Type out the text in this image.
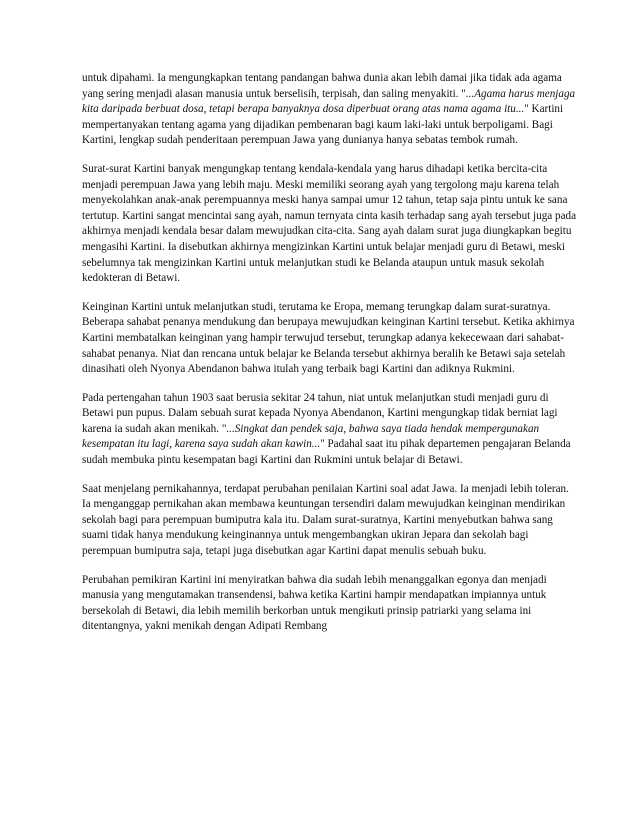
untuk dipahami. Ia mengungkapkan tentang pandangan bahwa dunia akan lebih damai jika tidak ada agama yang sering menjadi alasan manusia untuk berselisih, terpisah, dan saling menyakiti. "...Agama harus menjaga kita daripada berbuat dosa, tetapi berapa banyaknya dosa diperbuat orang atas nama agama itu..." Kartini mempertanyakan tentang agama yang dijadikan pembenaran bagi kaum laki-laki untuk berpoligami. Bagi Kartini, lengkap sudah penderitaan perempuan Jawa yang dunianya hanya sebatas tembok rumah.

Surat-surat Kartini banyak mengungkap tentang kendala-kendala yang harus dihadapi ketika bercita-cita menjadi perempuan Jawa yang lebih maju. Meski memiliki seorang ayah yang tergolong maju karena telah menyekolahkan anak-anak perempuannya meski hanya sampai umur 12 tahun, tetap saja pintu untuk ke sana tertutup. Kartini sangat mencintai sang ayah, namun ternyata cinta kasih terhadap sang ayah tersebut juga pada akhirnya menjadi kendala besar dalam mewujudkan cita-cita. Sang ayah dalam surat juga diungkapkan begitu mengasihi Kartini. Ia disebutkan akhirnya mengizinkan Kartini untuk belajar menjadi guru di Betawi, meski sebelumnya tak mengizinkan Kartini untuk melanjutkan studi ke Belanda ataupun untuk masuk sekolah kedokteran di Betawi.

Keinginan Kartini untuk melanjutkan studi, terutama ke Eropa, memang terungkap dalam surat-suratnya. Beberapa sahabat penanya mendukung dan berupaya mewujudkan keinginan Kartini tersebut. Ketika akhirnya Kartini membatalkan keinginan yang hampir terwujud tersebut, terungkap adanya kekecewaan dari sahabat-sahabat penanya. Niat dan rencana untuk belajar ke Belanda tersebut akhirnya beralih ke Betawi saja setelah dinasihati oleh Nyonya Abendanon bahwa itulah yang terbaik bagi Kartini dan adiknya Rukmini.

Pada pertengahan tahun 1903 saat berusia sekitar 24 tahun, niat untuk melanjutkan studi menjadi guru di Betawi pun pupus. Dalam sebuah surat kepada Nyonya Abendanon, Kartini mengungkap tidak berniat lagi karena ia sudah akan menikah. "...Singkat dan pendek saja, bahwa saya tiada hendak mempergunakan kesempatan itu lagi, karena saya sudah akan kawin..." Padahal saat itu pihak departemen pengajaran Belanda sudah membuka pintu kesempatan bagi Kartini dan Rukmini untuk belajar di Betawi.

Saat menjelang pernikahannya, terdapat perubahan penilaian Kartini soal adat Jawa. Ia menjadi lebih toleran. Ia menganggap pernikahan akan membawa keuntungan tersendiri dalam mewujudkan keinginan mendirikan sekolah bagi para perempuan bumiputra kala itu. Dalam surat-suratnya, Kartini menyebutkan bahwa sang suami tidak hanya mendukung keinginannya untuk mengembangkan ukiran Jepara dan sekolah bagi perempuan bumiputra saja, tetapi juga disebutkan agar Kartini dapat menulis sebuah buku.

Perubahan pemikiran Kartini ini menyiratkan bahwa dia sudah lebih menanggalkan egonya dan menjadi manusia yang mengutamakan transendensi, bahwa ketika Kartini hampir mendapatkan impiannya untuk bersekolah di Betawi, dia lebih memilih berkorban untuk mengikuti prinsip patriarki yang selama ini ditentangnya, yakni menikah dengan Adipati Rembang
